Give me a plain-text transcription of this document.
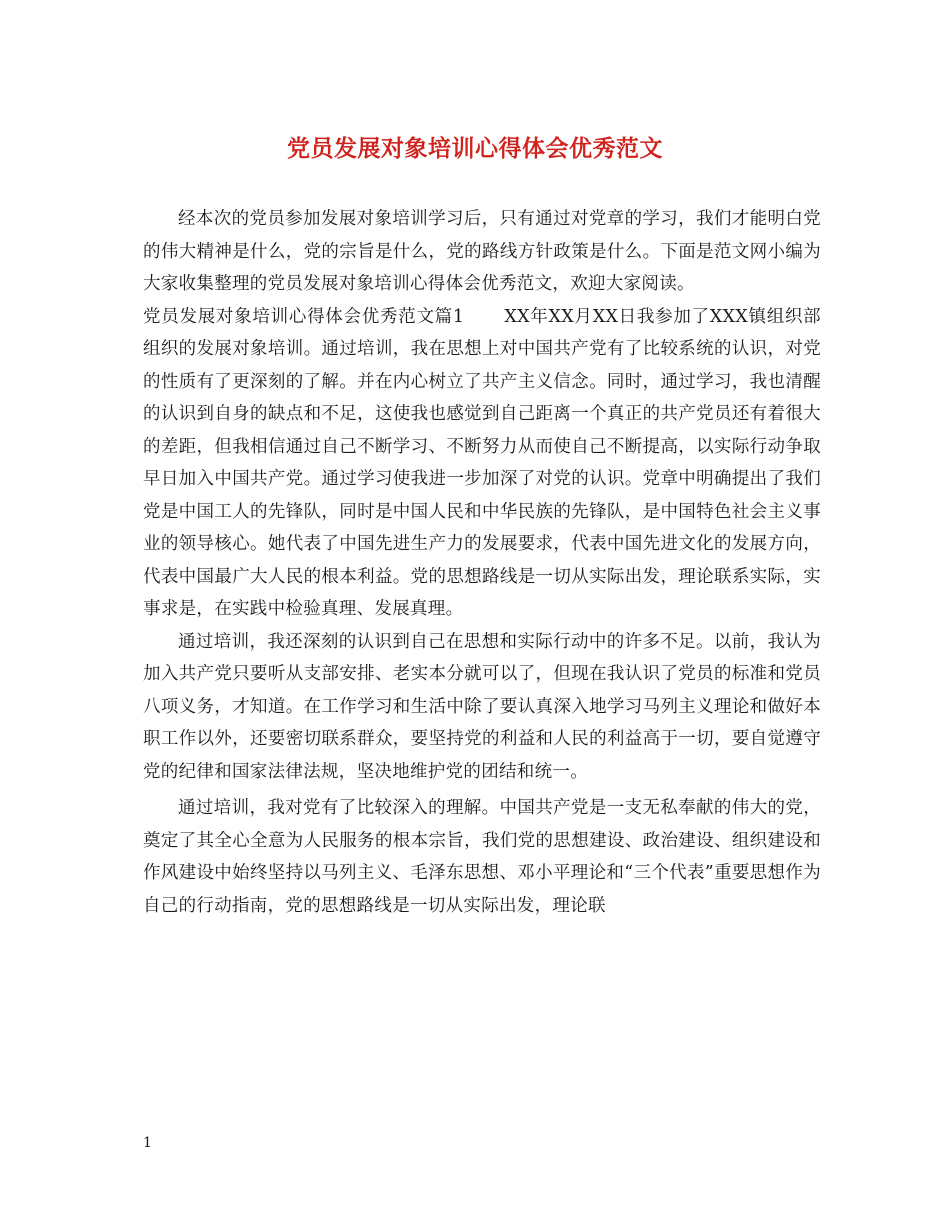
党员发展对象培训心得体会优秀范文

经本次的党员参加发展对象培训学习后，只有通过对党章的学习，我们才能明白党的伟大精神是什么，党的宗旨是什么，党的路线方针政策是什么。下面是范文网小编为大家收集整理的党员发展对象培训心得体会优秀范文，欢迎大家阅读。

党员发展对象培训心得体会优秀范文篇1 XX年XX月XX日我参加了XXX镇组织部组织的发展对象培训。通过培训，我在思想上对中国共产党有了比较系统的认识，对党的性质有了更深刻的了解。并在内心树立了共产主义信念。同时，通过学习，我也清醒的认识到自身的缺点和不足，这使我也感觉到自己距离一个真正的共产党员还有着很大的差距，但我相信通过自己不断学习、不断努力从而使自己不断提高，以实际行动争取早日加入中国共产党。通过学习使我进一步加深了对党的认识。党章中明确提出了我们党是中国工人的先锋队，同时是中国人民和中华民族的先锋队，是中国特色社会主义事业的领导核心。她代表了中国先进生产力的发展要求，代表中国先进文化的发展方向，代表中国最广大人民的根本利益。党的思想路线是一切从实际出发，理论联系实际，实事求是，在实践中检验真理、发展真理。

通过培训，我还深刻的认识到自己在思想和实际行动中的许多不足。以前，我认为加入共产党只要听从支部安排、老实本分就可以了，但现在我认识了党员的标准和党员八项义务，才知道。在工作学习和生活中除了要认真深入地学习马列主义理论和做好本职工作以外，还要密切联系群众，要坚持党的利益和人民的利益高于一切，要自觉遵守党的纪律和国家法律法规，坚决地维护党的团结和统一。

通过培训，我对党有了比较深入的理解。中国共产党是一支无私奉献的伟大的党，奠定了其全心全意为人民服务的根本宗旨，我们党的思想建设、政治建设、组织建设和作风建设中始终坚持以马列主义、毛泽东思想、邓小平理论和“三个代表”重要思想作为自己的行动指南，党的思想路线是一切从实际出发，理论联

1
